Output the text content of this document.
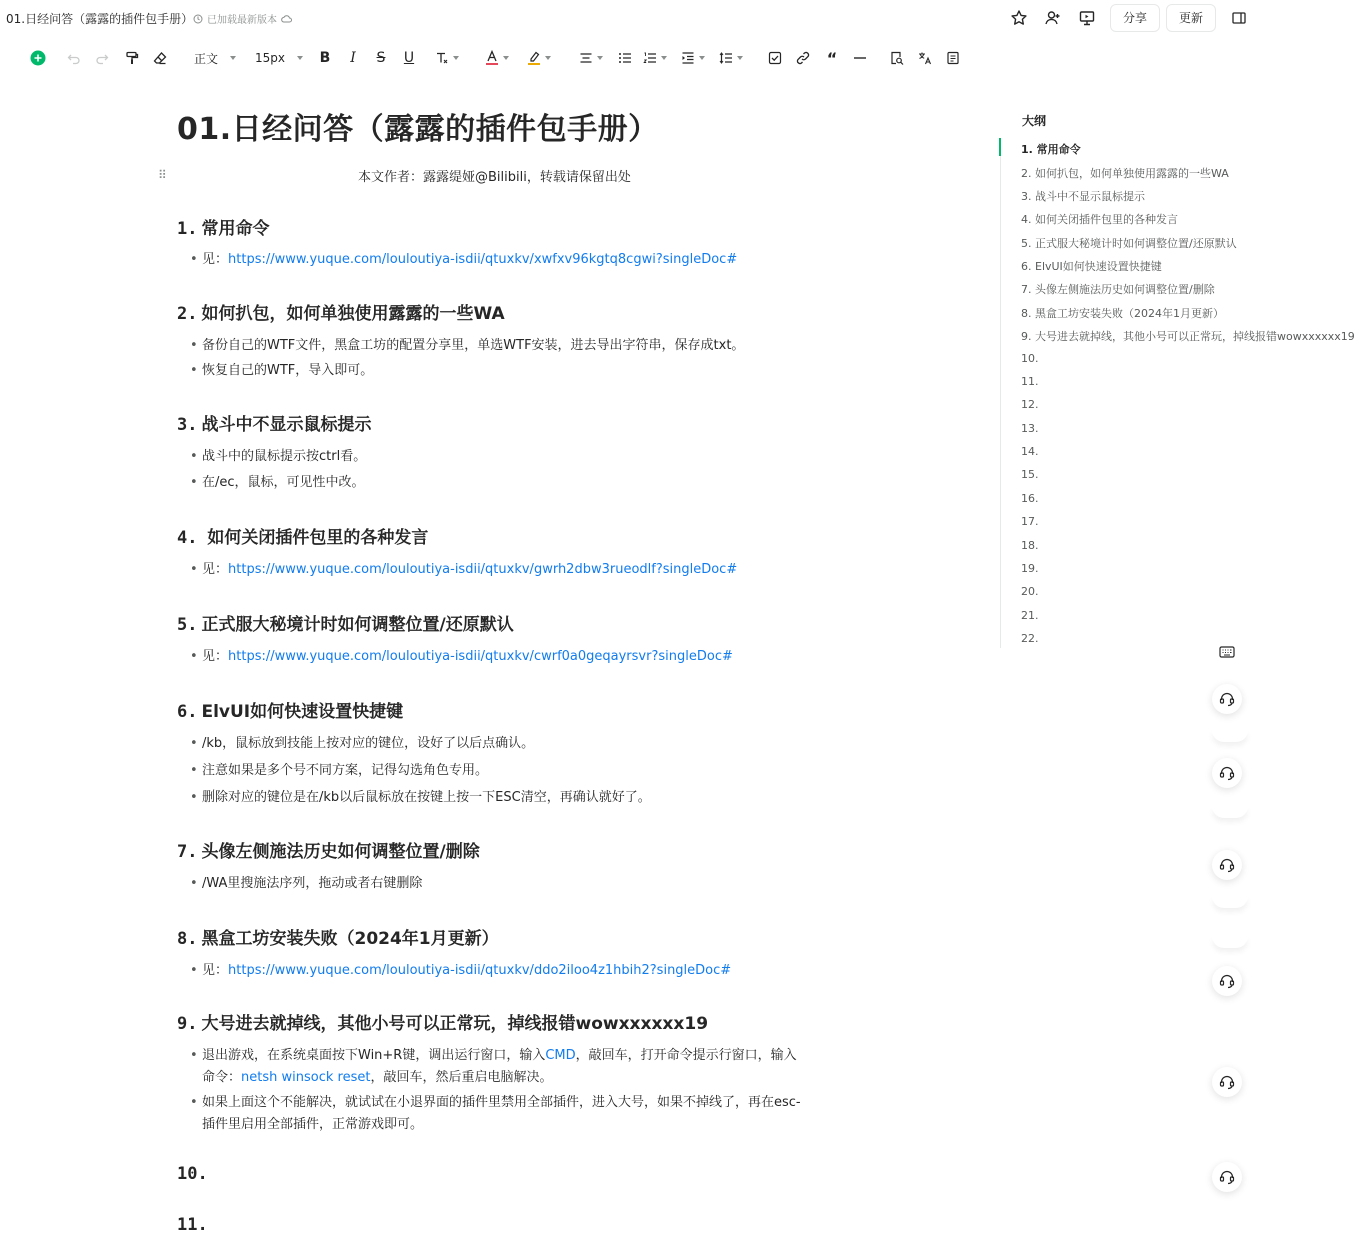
01.日经问答（露露的插件包手册） 已加载最新版本	分享	更新
正文	15px B I S U	“
01.日经问答（露露的插件包手册）
⠿	本文作者：露露缇娅@Bilibili，转载请保留出处
1. 常用命令
• 见：https://www.yuque.com/louloutiya-isdii/qtuxkv/xwfxv96kgtq8cgwi?singleDoc#
2. 如何扒包，如何单独使用露露的一些WA
• 备份自己的WTF文件，黑盒工坊的配置分享里，单选WTF安装，进去导出字符串，保存成txt。
• 恢复自己的WTF，导入即可。
3. 战斗中不显示鼠标提示
• 战斗中的鼠标提示按ctrl看。
• 在/ec，鼠标，可见性中改。
4. 如何关闭插件包里的各种发言
• 见：https://www.yuque.com/louloutiya-isdii/qtuxkv/gwrh2dbw3rueodlf?singleDoc#
5. 正式服大秘境计时如何调整位置/还原默认
• 见：https://www.yuque.com/louloutiya-isdii/qtuxkv/cwrf0a0geqayrsvr?singleDoc#
6. ElvUI如何快速设置快捷键
• /kb，鼠标放到技能上按对应的键位，设好了以后点确认。
• 注意如果是多个号不同方案，记得勾选角色专用。
• 删除对应的键位是在/kb以后鼠标放在按键上按一下ESC清空，再确认就好了。
7. 头像左侧施法历史如何调整位置/删除
• /WA里搜施法序列，拖动或者右键删除
8. 黑盒工坊安装失败（2024年1月更新）
• 见：https://www.yuque.com/louloutiya-isdii/qtuxkv/ddo2iloo4z1hbih2?singleDoc#
9. 大号进去就掉线，其他小号可以正常玩，掉线报错wowxxxxxx19
• 退出游戏，在系统桌面按下Win+R键，调出运行窗口，输入CMD，敲回车，打开命令提示行窗口，输入命令：netsh winsock reset，敲回车，然后重启电脑解决。
• 如果上面这个不能解决，就试试在小退界面的插件里禁用全部插件，进入大号，如果不掉线了，再在esc-插件里启用全部插件，正常游戏即可。
10.
11.
大纲
1. 常用命令
2. 如何扒包，如何单独使用露露的一些WA
3. 战斗中不显示鼠标提示
4. 如何关闭插件包里的各种发言
5. 正式服大秘境计时如何调整位置/还原默认
6. ElvUI如何快速设置快捷键
7. 头像左侧施法历史如何调整位置/删除
8. 黑盒工坊安装失败（2024年1月更新）
9. 大号进去就掉线，其他小号可以正常玩，掉线报错wowxxxxxx19
10.
11.
12.
13.
14.
15.
16.
17.
18.
19.
20.
21.
22.
